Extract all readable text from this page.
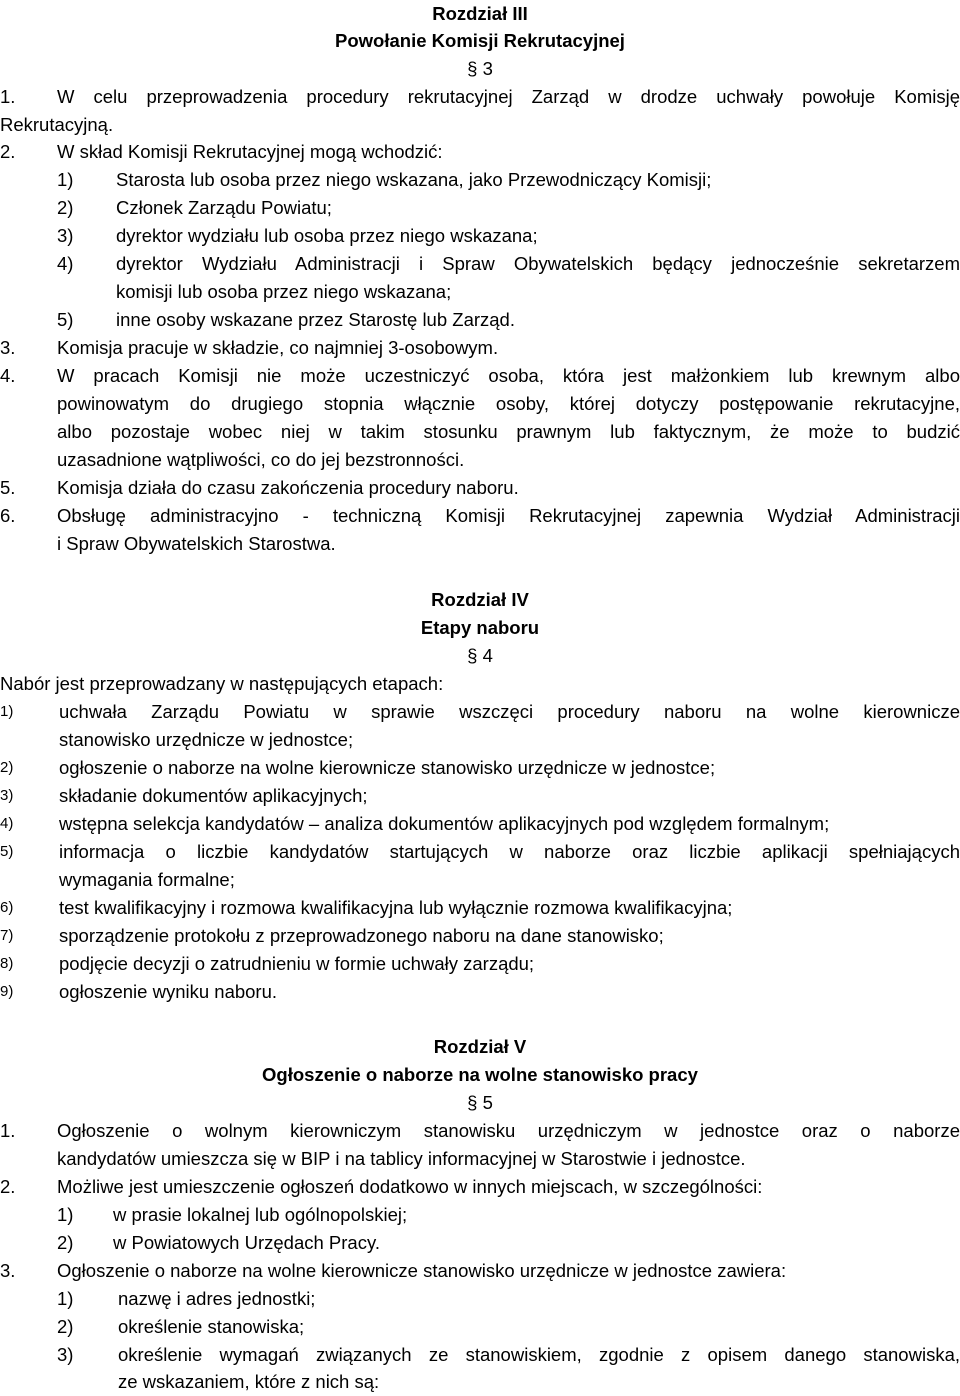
Rozdział III
Powołanie Komisji Rekrutacyjnej
§ 3
1. W celu przeprowadzenia procedury rekrutacyjnej Zarząd w drodze uchwały powołuje Komisję
Rekrutacyjną.
2. W skład Komisji Rekrutacyjnej mogą wchodzić:
1) Starosta lub osoba przez niego wskazana, jako Przewodniczący Komisji;
2) Członek Zarządu Powiatu;
3) dyrektor wydziału lub osoba przez niego wskazana;
4) dyrektor Wydziału Administracji i Spraw Obywatelskich będący jednocześnie sekretarzem
komisji lub osoba przez niego wskazana;
5) inne osoby wskazane przez Starostę lub Zarząd.
3. Komisja pracuje w składzie, co najmniej 3-osobowym.
4. W pracach Komisji nie może uczestniczyć osoba, która jest małżonkiem lub krewnym albo
powinowatym do drugiego stopnia włącznie osoby, której dotyczy postępowanie rekrutacyjne,
albo pozostaje wobec niej w takim stosunku prawnym lub faktycznym, że może to budzić
uzasadnione wątpliwości, co do jej bezstronności.
5. Komisja działa do czasu zakończenia procedury naboru.
6. Obsługę administracyjno - techniczną Komisji Rekrutacyjnej zapewnia Wydział Administracji
i Spraw Obywatelskich Starostwa.
Rozdział IV
Etapy naboru
§ 4
Nabór jest przeprowadzany w następujących etapach:
1) uchwała Zarządu Powiatu w sprawie wszczęci procedury naboru na wolne kierownicze
stanowisko urzędnicze w jednostce;
2) ogłoszenie o naborze na wolne kierownicze stanowisko urzędnicze w jednostce;
3) składanie dokumentów aplikacyjnych;
4) wstępna selekcja kandydatów – analiza dokumentów aplikacyjnych pod względem formalnym;
5) informacja o liczbie kandydatów startujących w naborze oraz liczbie aplikacji spełniających
wymagania formalne;
6) test kwalifikacyjny i rozmowa kwalifikacyjna lub wyłącznie rozmowa kwalifikacyjna;
7) sporządzenie protokołu z przeprowadzonego naboru na dane stanowisko;
8) podjęcie decyzji o zatrudnieniu w formie uchwały zarządu;
9) ogłoszenie wyniku naboru.
Rozdział V
Ogłoszenie o naborze na wolne stanowisko pracy
§ 5
1. Ogłoszenie o wolnym kierowniczym stanowisku urzędniczym w jednostce oraz o naborze
kandydatów umieszcza się w BIP i na tablicy informacyjnej w Starostwie i jednostce.
2. Możliwe jest umieszczenie ogłoszeń dodatkowo w innych miejscach, w szczególności:
1) w prasie lokalnej lub ogólnopolskiej;
2) w Powiatowych Urzędach Pracy.
3. Ogłoszenie o naborze na wolne kierownicze stanowisko urzędnicze w jednostce zawiera:
1) nazwę i adres jednostki;
2) określenie stanowiska;
3) określenie wymagań związanych ze stanowiskiem, zgodnie z opisem danego stanowiska,
ze wskazaniem, które z nich są:
